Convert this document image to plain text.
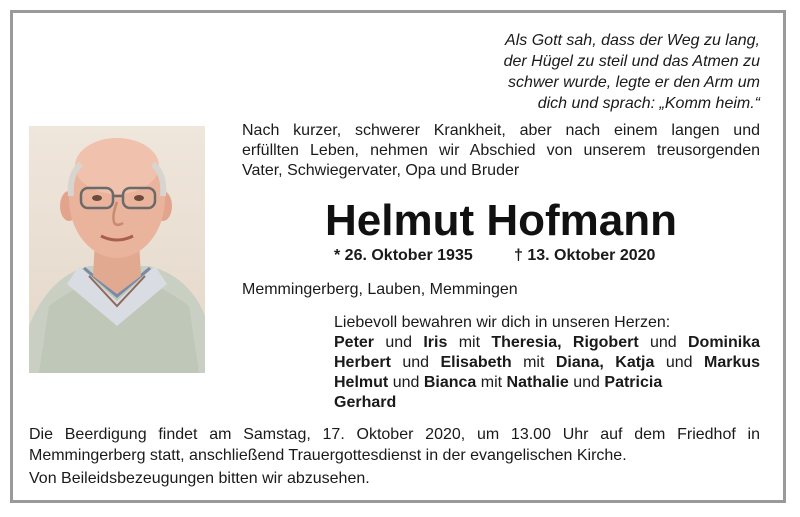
Als Gott sah, dass der Weg zu lang,
der Hügel zu steil und das Atmen zu
schwer wurde, legte er den Arm um
dich und sprach: „Komm heim.“
Nach kurzer, schwerer Krankheit, aber nach einem langen und
erfüllten Leben, nehmen wir Abschied von unserem treusorgenden
Vater, Schwiegervater, Opa und Bruder
Helmut Hofmann
* 26. Oktober 1935	† 13. Oktober 2020
Memmingerberg, Lauben, Memmingen
Liebevoll bewahren wir dich in unseren Herzen:
Peter und Iris mit Theresia, Rigobert und Dominika
Herbert und Elisabeth mit Diana, Katja und Markus
Helmut und Bianca mit Nathalie und Patricia
Gerhard
Die Beerdigung findet am Samstag, 17. Oktober 2020, um 13.00 Uhr auf dem Friedhof in
Memmingerberg statt, anschließend Trauergottesdienst in der evangelischen Kirche.
Von Beileidsbezeugungen bitten wir abzusehen.
